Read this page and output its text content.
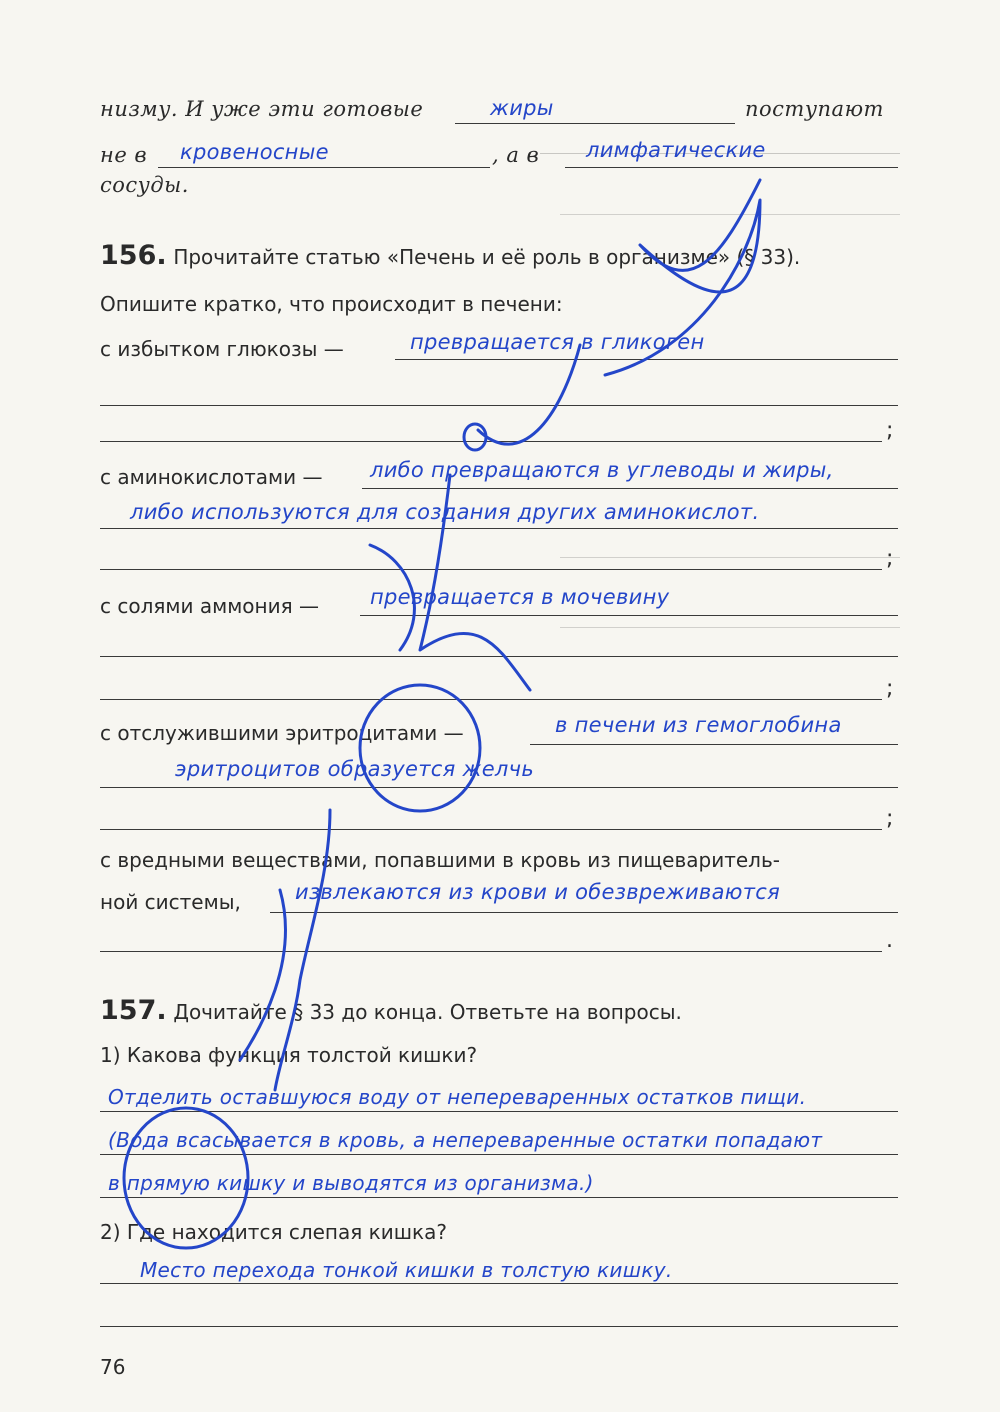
низму. И уже эти готовые	поступают
жиры
не в	, а в
кровеносные	лимфатические
сосуды.
156. Прочитайте статью «Печень и её роль в организме» (§ 33).
Опишите кратко, что происходит в печени:
с избытком глюкозы —
;
превращается в гликоген
с аминокислотами —
;
либо превращаются в углеводы и жиры,
либо используются для создания других аминокислот.
с солями аммония —
;
превращается в мочевину
с отслужившими эритроцитами —
;
в печени из гемоглобина
эритроцитов образуется желчь
с вредными веществами, попавшими в кровь из пищеваритель-
ной системы,
.
извлекаются из крови и обезвреживаются
157. Дочитайте § 33 до конца. Ответьте на вопросы.
1) Какова функция толстой кишки?
Отделить оставшуюся воду от непереваренных остатков пищи.
(Вода всасывается в кровь, а непереваренные остатки попадают
в прямую кишку и выводятся из организма.)
2) Где находится слепая кишка?
Место перехода тонкой кишки в толстую кишку.
76
